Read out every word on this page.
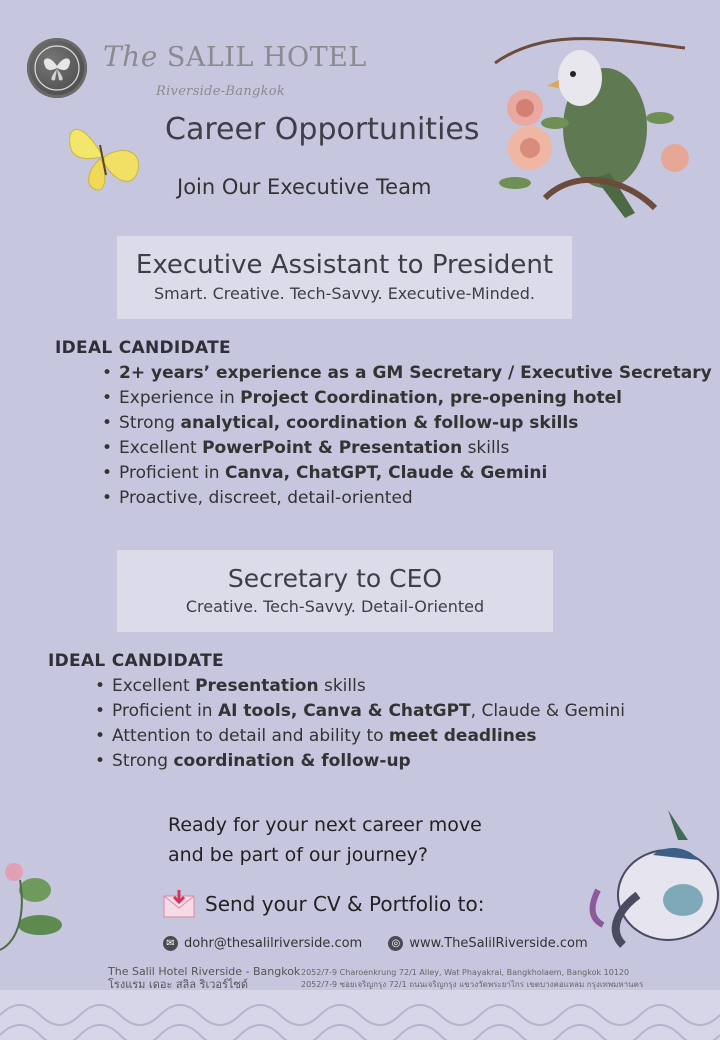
The SALIL HOTEL
Riverside-Bangkok
Career Opportunities
Join Our Executive Team
Executive Assistant to President
Smart. Creative. Tech-Savvy. Executive-Minded.
IDEAL CANDIDATE
• 2+ years’ experience as a GM Secretary / Executive Secretary
• Experience in Project Coordination, pre-opening hotel
• Strong analytical, coordination & follow-up skills
• Excellent PowerPoint & Presentation skills
• Proficient in Canva, ChatGPT, Claude & Gemini
• Proactive, discreet, detail-oriented
Secretary to CEO
Creative. Tech-Savvy. Detail-Oriented
IDEAL CANDIDATE
• Excellent Presentation skills
• Proficient in AI tools, Canva & ChatGPT, Claude & Gemini
• Attention to detail and ability to meet deadlines
• Strong coordination & follow-up
Ready for your next career move
and be part of our journey?
Send your CV & Portfolio to:
✉ dohr@thesalilriverside.com	◎ www.TheSalilRiverside.com
The Salil Hotel Riverside - Bangkok
โรงแรม เดอะ สลิล ริเวอร์ไซด์
2052/7-9 Charoenkrung 72/1 Alley, Wat Phayakrai, Bangkholaem, Bangkok 10120
2052/7-9 ซอยเจริญกรุง 72/1 ถนนเจริญกรุง แขวงวัดพระยาไกร เขตบางคอแหลม กรุงเทพมหานคร
